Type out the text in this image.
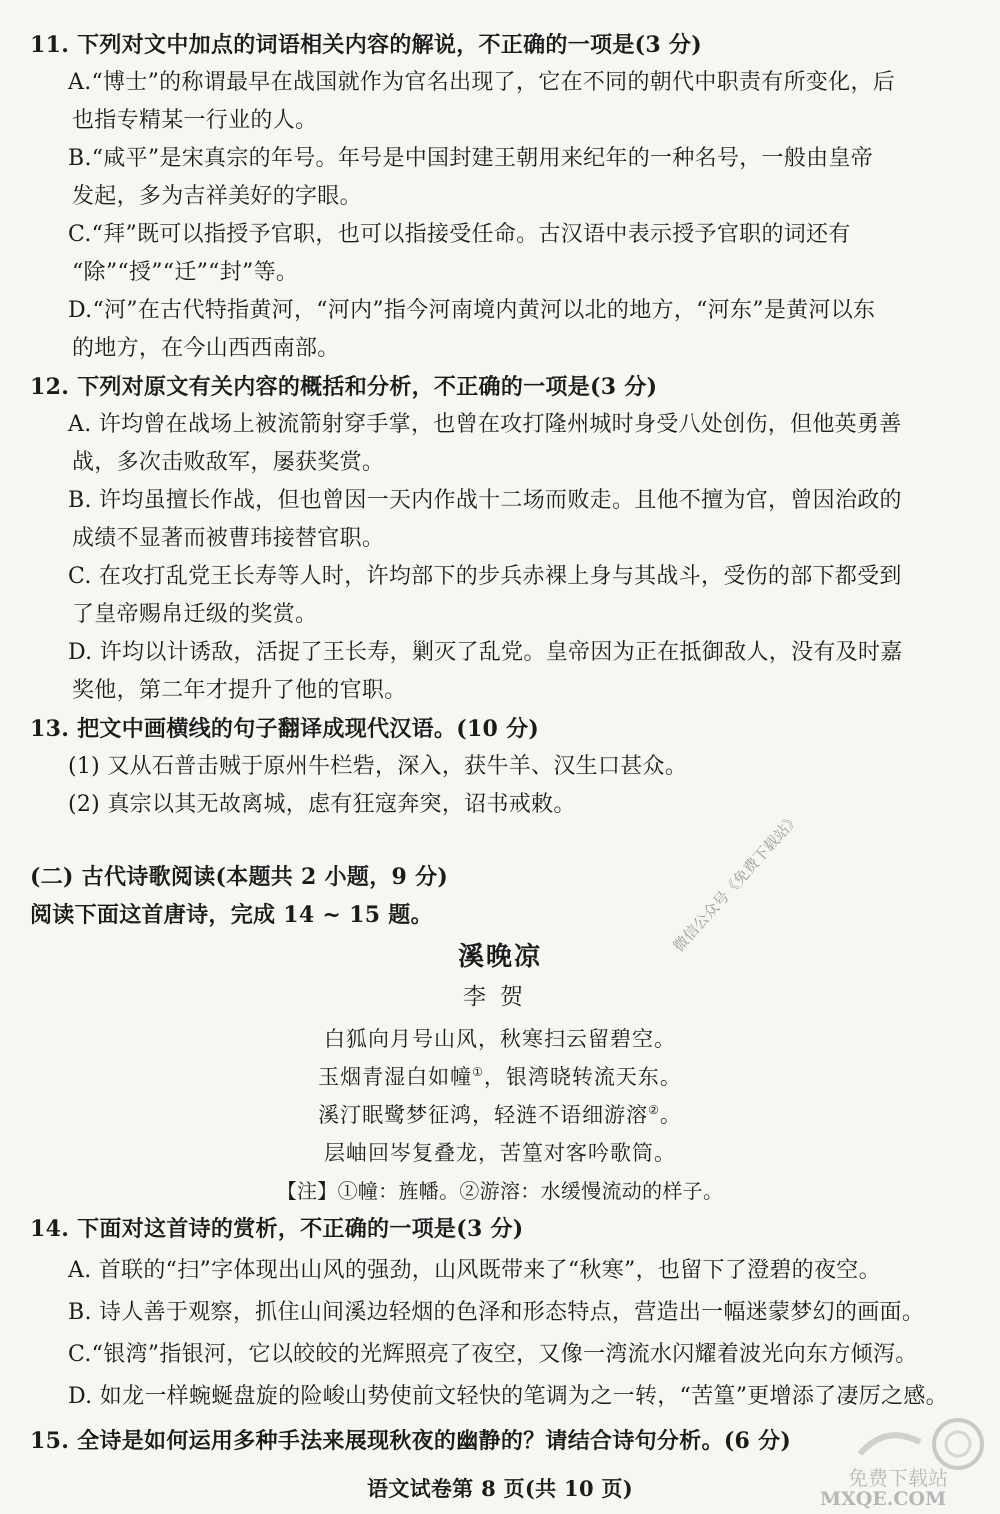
11. 下列对文中加点的词语相关内容的解说，不正确的一项是(3 分)
A.“博士”的称谓最早在战国就作为官名出现了，它在不同的朝代中职责有所变化，后
也指专精某一行业的人。
B.“咸平”是宋真宗的年号。年号是中国封建王朝用来纪年的一种名号，一般由皇帝
发起，多为吉祥美好的字眼。
C.“拜”既可以指授予官职，也可以指接受任命。古汉语中表示授予官职的词还有
“除”“授”“迁”“封”等。
D.“河”在古代特指黄河，“河内”指今河南境内黄河以北的地方，“河东”是黄河以东
的地方，在今山西西南部。
12. 下列对原文有关内容的概括和分析，不正确的一项是(3 分)
A. 许均曾在战场上被流箭射穿手掌，也曾在攻打隆州城时身受八处创伤，但他英勇善
战，多次击败敌军，屡获奖赏。
B. 许均虽擅长作战，但也曾因一天内作战十二场而败走。且他不擅为官，曾因治政的
成绩不显著而被曹玮接替官职。
C. 在攻打乱党王长寿等人时，许均部下的步兵赤裸上身与其战斗，受伤的部下都受到
了皇帝赐帛迁级的奖赏。
D. 许均以计诱敌，活捉了王长寿，剿灭了乱党。皇帝因为正在抵御敌人，没有及时嘉
奖他，第二年才提升了他的官职。
13. 把文中画横线的句子翻译成现代汉语。(10 分)
(1) 又从石普击贼于原州牛栏砦，深入，获牛羊、汉生口甚众。
(2) 真宗以其无故离城，虑有狂寇奔突，诏书戒敕。
(二) 古代诗歌阅读(本题共 2 小题，9 分)
阅读下面这首唐诗，完成 14 ~ 15 题。
溪晚凉
李贺
白狐向月号山风，秋寒扫云留碧空。
玉烟青湿白如幢①，银湾晓转流天东。
溪汀眠鹭梦征鸿，轻涟不语细游溶②。
层岫回岑复叠龙，苦篁对客吟歌筒。
【注】①幢：旌幡。②游溶：水缓慢流动的样子。
14. 下面对这首诗的赏析，不正确的一项是(3 分)
A. 首联的“扫”字体现出山风的强劲，山风既带来了“秋寒”，也留下了澄碧的夜空。
B. 诗人善于观察，抓住山间溪边轻烟的色泽和形态特点，营造出一幅迷蒙梦幻的画面。
C.“银湾”指银河，它以皎皎的光辉照亮了夜空，又像一湾流水闪耀着波光向东方倾泻。
D. 如龙一样蜿蜒盘旋的险峻山势使前文轻快的笔调为之一转，“苦篁”更增添了凄厉之感。
15. 全诗是如何运用多种手法来展现秋夜的幽静的？请结合诗句分析。(6 分)
语文试卷第 8 页(共 10 页)
微信公众号《免费下载站》
免费下载站
MXQE.COM
